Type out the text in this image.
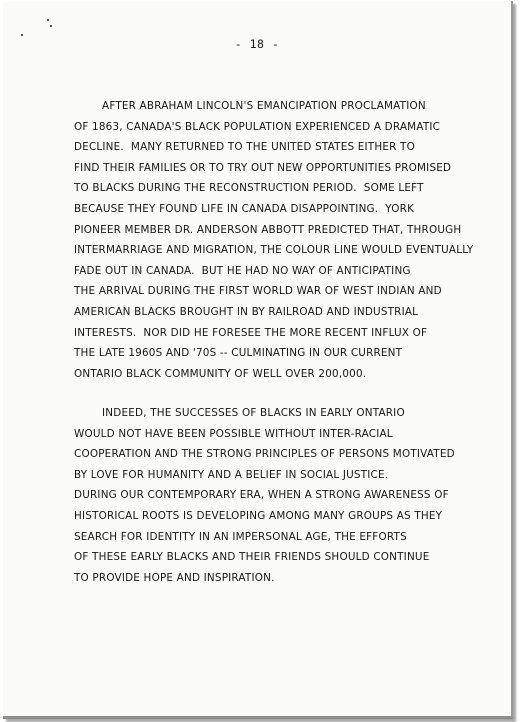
- 18 -
AFTER ABRAHAM LINCOLN'S EMANCIPATION PROCLAMATION
OF 1863, CANADA'S BLACK POPULATION EXPERIENCED A DRAMATIC
DECLINE.  MANY RETURNED TO THE UNITED STATES EITHER TO
FIND THEIR FAMILIES OR TO TRY OUT NEW OPPORTUNITIES PROMISED
TO BLACKS DURING THE RECONSTRUCTION PERIOD.  SOME LEFT
BECAUSE THEY FOUND LIFE IN CANADA DISAPPOINTING.  YORK
PIONEER MEMBER DR. ANDERSON ABBOTT PREDICTED THAT, THROUGH
INTERMARRIAGE AND MIGRATION, THE COLOUR LINE WOULD EVENTUALLY
FADE OUT IN CANADA.  BUT HE HAD NO WAY OF ANTICIPATING
THE ARRIVAL DURING THE FIRST WORLD WAR OF WEST INDIAN AND
AMERICAN BLACKS BROUGHT IN BY RAILROAD AND INDUSTRIAL
INTERESTS.  NOR DID HE FORESEE THE MORE RECENT INFLUX OF
THE LATE 1960S AND '70S -- CULMINATING IN OUR CURRENT
ONTARIO BLACK COMMUNITY OF WELL OVER 200,000.
INDEED, THE SUCCESSES OF BLACKS IN EARLY ONTARIO
WOULD NOT HAVE BEEN POSSIBLE WITHOUT INTER-RACIAL
COOPERATION AND THE STRONG PRINCIPLES OF PERSONS MOTIVATED
BY LOVE FOR HUMANITY AND A BELIEF IN SOCIAL JUSTICE.
DURING OUR CONTEMPORARY ERA, WHEN A STRONG AWARENESS OF
HISTORICAL ROOTS IS DEVELOPING AMONG MANY GROUPS AS THEY
SEARCH FOR IDENTITY IN AN IMPERSONAL AGE, THE EFFORTS
OF THESE EARLY BLACKS AND THEIR FRIENDS SHOULD CONTINUE
TO PROVIDE HOPE AND INSPIRATION.
